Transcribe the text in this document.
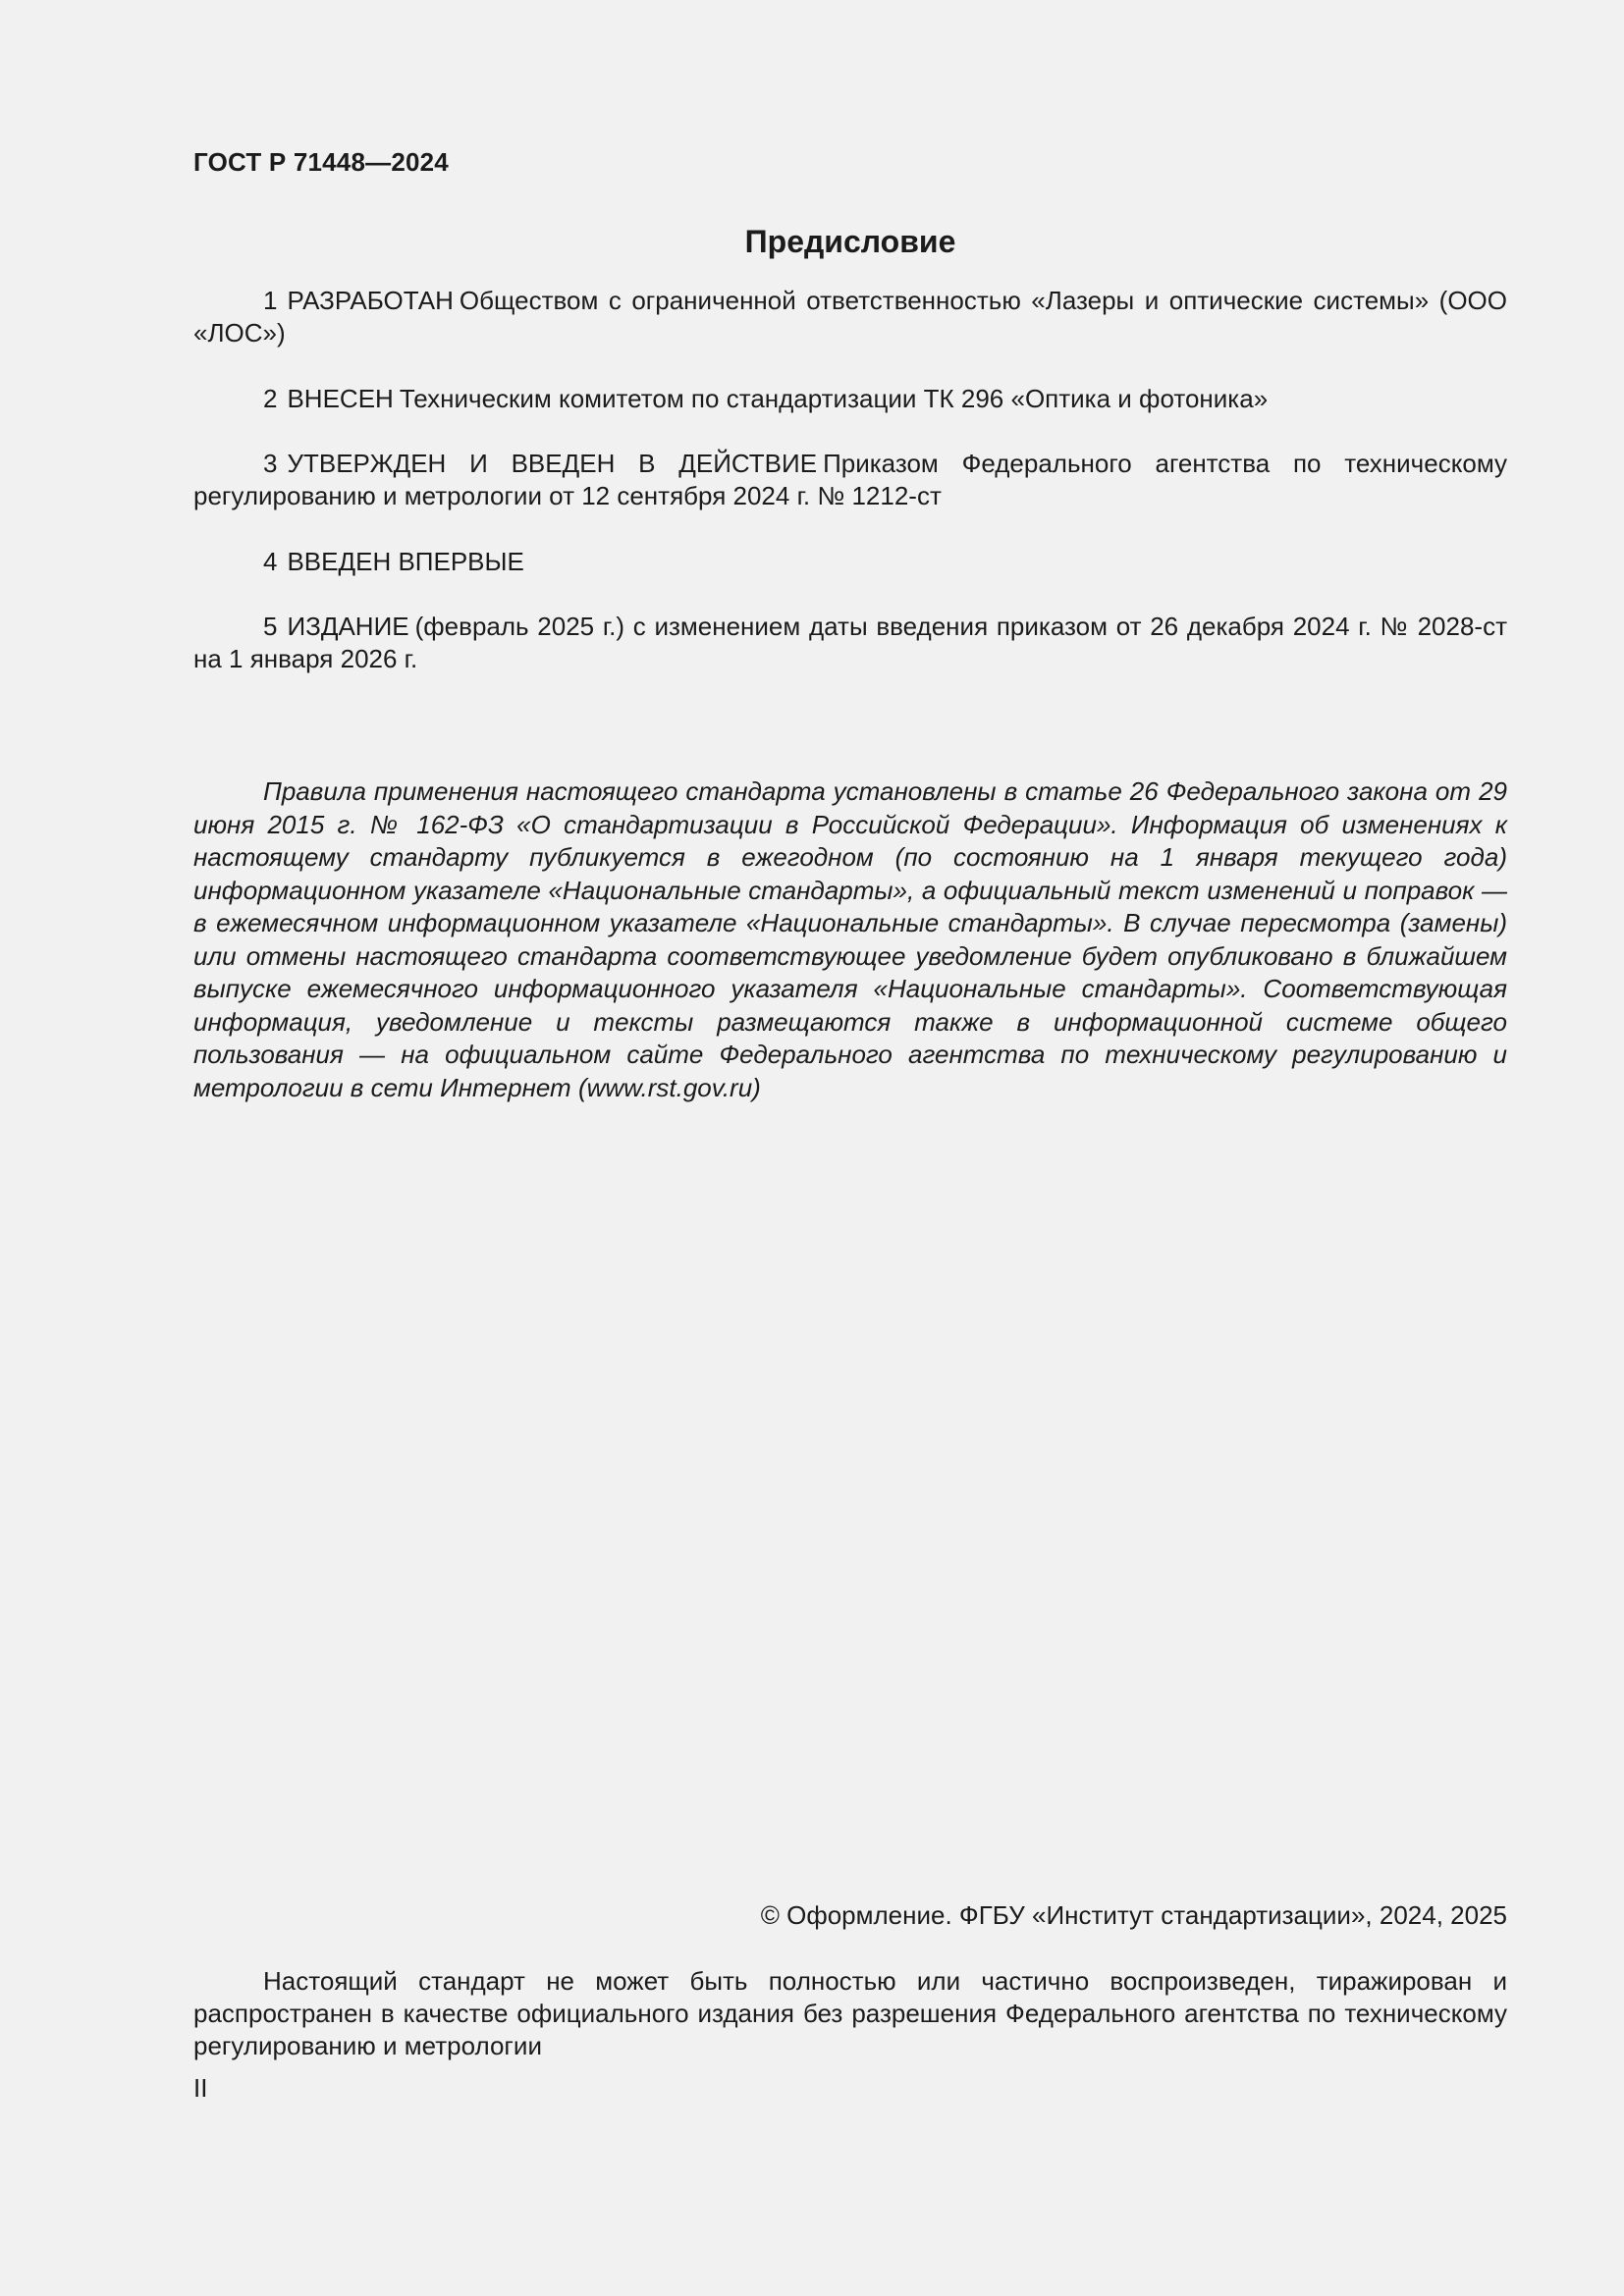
ГОСТ Р 71448—2024
Предисловие

1 РАЗРАБОТАН Обществом с ограниченной ответственностью «Лазеры и оптические системы» (ООО «ЛОС»)

2 ВНЕСЕН Техническим комитетом по стандартизации ТК 296 «Оптика и фотоника»

3 УТВЕРЖДЕН И ВВЕДЕН В ДЕЙСТВИЕ Приказом Федерального агентства по техническому регулированию и метрологии от 12 сентября 2024 г. № 1212-ст

4 ВВЕДЕН ВПЕРВЫЕ

5 ИЗДАНИЕ (февраль 2025 г.) с изменением даты введения приказом от 26 декабря 2024 г. № 2028-ст на 1 января 2026 г.

Правила применения настоящего стандарта установлены в статье 26 Федерального закона от 29 июня 2015 г. № 162-ФЗ «О стандартизации в Российской Федерации». Информация об изменениях к настоящему стандарту публикуется в ежегодном (по состоянию на 1 января текущего года) информационном указателе «Национальные стандарты», а официальный текст изменений и поправок — в ежемесячном информационном указателе «Национальные стандарты». В случае пересмотра (замены) или отмены настоящего стандарта соответствующее уведомление будет опубликовано в ближайшем выпуске ежемесячного информационного указателя «Национальные стандарты». Соответствующая информация, уведомление и тексты размещаются также в информационной системе общего пользования — на официальном сайте Федерального агентства по техническому регулированию и метрологии в сети Интернет (www.rst.gov.ru)

© Оформление. ФГБУ «Институт стандартизации», 2024, 2025

Настоящий стандарт не может быть полностью или частично воспроизведен, тиражирован и распространен в качестве официального издания без разрешения Федерального агентства по техническому регулированию и метрологии

II
